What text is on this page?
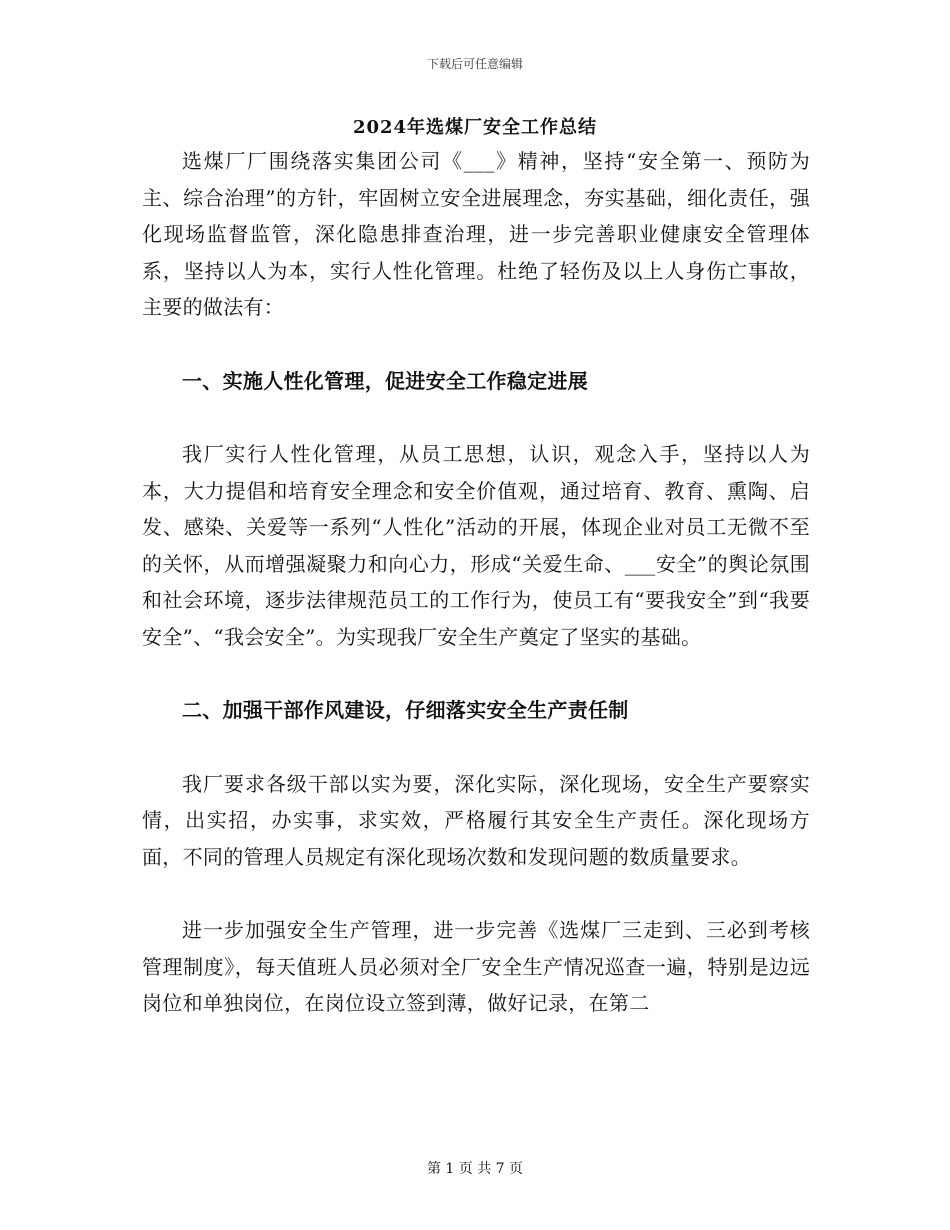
下载后可任意编辑
2024年选煤厂安全工作总结

选煤厂厂围绕落实集团公司《___》精神，坚持“安全第一、预防为主、综合治理”的方针，牢固树立安全进展理念，夯实基础，细化责任，强化现场监督监管，深化隐患排查治理，进一步完善职业健康安全管理体系，坚持以人为本，实行人性化管理。杜绝了轻伤及以上人身伤亡事故，主要的做法有：

一、实施人性化管理，促进安全工作稳定进展

我厂实行人性化管理，从员工思想，认识，观念入手，坚持以人为本，大力提倡和培育安全理念和安全价值观，通过培育、教育、熏陶、启发、感染、关爱等一系列“人性化”活动的开展，体现企业对员工无微不至的关怀，从而增强凝聚力和向心力，形成“关爱生命、___安全”的舆论氛围和社会环境，逐步法律规范员工的工作行为，使员工有“要我安全”到“我要安全”、“我会安全”。为实现我厂安全生产奠定了坚实的基础。

二、加强干部作风建设，仔细落实安全生产责任制

我厂要求各级干部以实为要，深化实际，深化现场，安全生产要察实情，出实招，办实事，求实效，严格履行其安全生产责任。深化现场方面，不同的管理人员规定有深化现场次数和发现问题的数质量要求。

进一步加强安全生产管理，进一步完善《选煤厂三走到、三必到考核管理制度》，每天值班人员必须对全厂安全生产情况巡查一遍，特别是边远岗位和单独岗位，在岗位设立签到薄，做好记录，在第二

第 1 页 共 7 页
